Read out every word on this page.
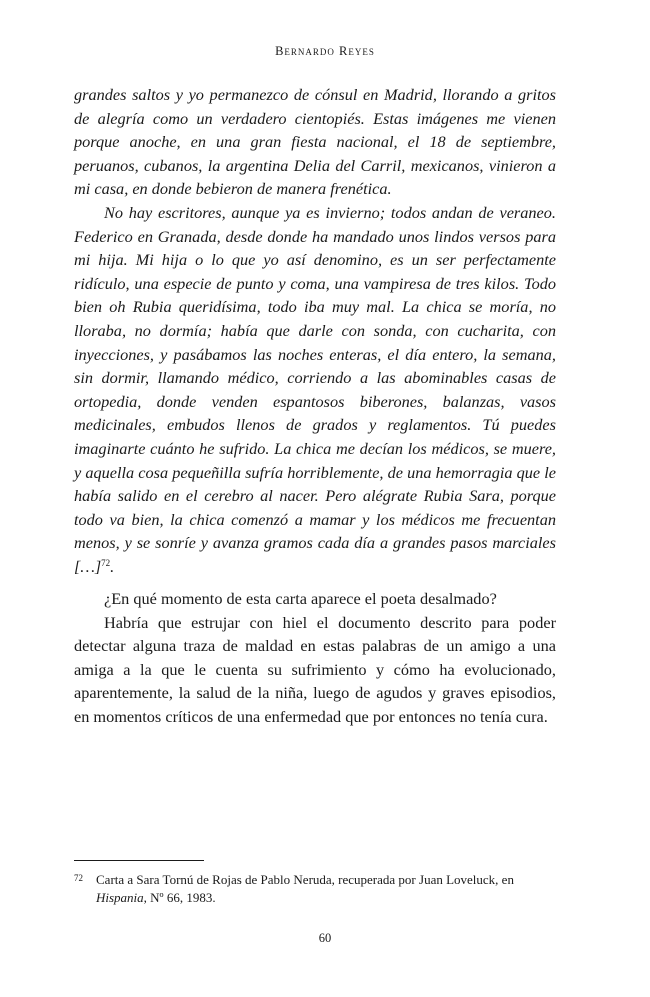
Bernardo Reyes

grandes saltos y yo permanezco de cónsul en Madrid, llorando a gritos de alegría como un verdadero cientopiés. Estas imágenes me vienen porque anoche, en una gran fiesta nacional, el 18 de septiembre, peruanos, cubanos, la argentina Delia del Carril, mexicanos, vinieron a mi casa, en donde bebieron de manera frenética.

No hay escritores, aunque ya es invierno; todos andan de veraneo. Federico en Granada, desde donde ha mandado unos lindos versos para mi hija. Mi hija o lo que yo así denomino, es un ser perfectamente ridículo, una especie de punto y coma, una vampiresa de tres kilos. Todo bien oh Rubia queridísima, todo iba muy mal. La chica se moría, no lloraba, no dormía; había que darle con sonda, con cucharita, con inyecciones, y pasábamos las noches enteras, el día entero, la semana, sin dormir, llamando médico, corriendo a las abominables casas de ortopedia, donde venden espantosos biberones, balanzas, vasos medicinales, embudos llenos de grados y reglamentos. Tú puedes imaginarte cuánto he sufrido. La chica me decían los médicos, se muere, y aquella cosa pequeñilla sufría horriblemente, de una hemorragia que le había salido en el cerebro al nacer. Pero alégrate Rubia Sara, porque todo va bien, la chica comenzó a mamar y los médicos me frecuentan menos, y se sonríe y avanza gramos cada día a grandes pasos marciales […]$^{72}$.

¿En qué momento de esta carta aparece el poeta desalmado?

Habría que estrujar con hiel el documento descrito para poder detectar alguna traza de maldad en estas palabras de un amigo a una amiga a la que le cuenta su sufrimiento y cómo ha evolucionado, aparentemente, la salud de la niña, luego de agudos y graves episodios, en momentos críticos de una enfermedad que por entonces no tenía cura.

72 Carta a Sara Tornú de Rojas de Pablo Neruda, recuperada por Juan Loveluck, en Hispania, Nº 66, 1983.
60
